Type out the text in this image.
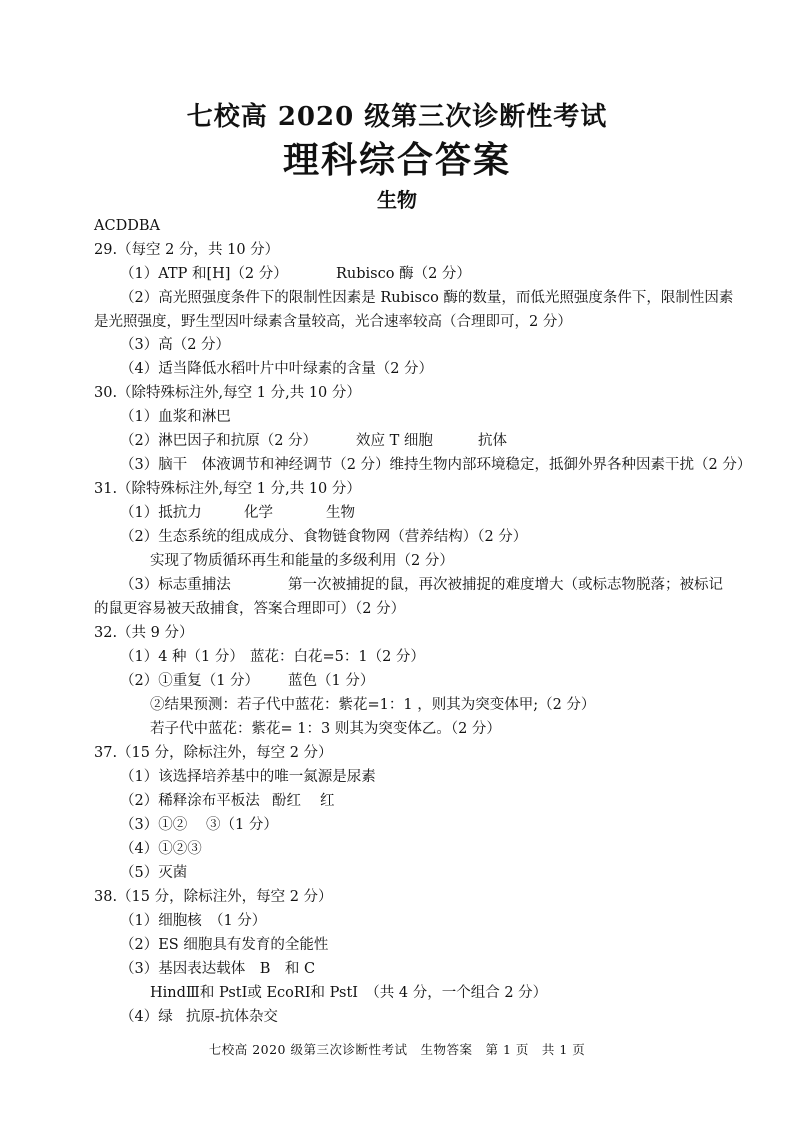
七校高 2020 级第三次诊断性考试
理科综合答案
生物
ACDDBA
29.（每空 2 分，共 10 分）
（1）ATP 和[H]（2 分）	Rubisco 酶（2 分）
（2）高光照强度条件下的限制性因素是 Rubisco 酶的数量，而低光照强度条件下，限制性因素
是光照强度，野生型因叶绿素含量较高，光合速率较高（合理即可，2 分）
（3）高（2 分）
（4）适当降低水稻叶片中叶绿素的含量（2 分）
30.（除特殊标注外,每空 1 分,共 10 分）
（1）血浆和淋巴
（2）淋巴因子和抗原（2 分）	效应 T 细胞	抗体
（3）脑干　体液调节和神经调节（2 分）维持生物内部环境稳定，抵御外界各种因素干扰（2 分）
31.（除特殊标注外,每空 1 分,共 10 分）
（1）抵抗力	化学	生物
（2）生态系统的组成成分、食物链食物网（营养结构）（2 分）
实现了物质循环再生和能量的多级利用（2 分）
（3）标志重捕法	第一次被捕捉的鼠，再次被捕捉的难度增大（或标志物脱落；被标记
的鼠更容易被天敌捕食，答案合理即可）（2 分）
32.（共 9 分）
（1）4 种（1 分） 蓝花：白花=5：1（2 分）
（2）①重复（1 分） 蓝色（1 分）
②结果预测：若子代中蓝花：紫花=1：1 ，则其为突变体甲;（2 分）
若子代中蓝花：紫花= 1：3 则其为突变体乙。（2 分）
37.（15 分，除标注外，每空 2 分）
（1）该选择培养基中的唯一氮源是尿素
（2）稀释涂布平板法 酚红 红
（3）①② ③（1 分）
（4）①②③
（5）灭菌
38.（15 分，除标注外，每空 2 分）
（1）细胞核　（1 分）
（2）ES 细胞具有发育的全能性
（3）基因表达载体　B　和 C
HindⅢ和 PstⅠ或 EcoRⅠ和 PstⅠ　（共 4 分，一个组合 2 分）
（4）绿 抗原-抗体杂交
七校高 2020 级第三次诊断性考试　生物答案　第 1 页　共 1 页
